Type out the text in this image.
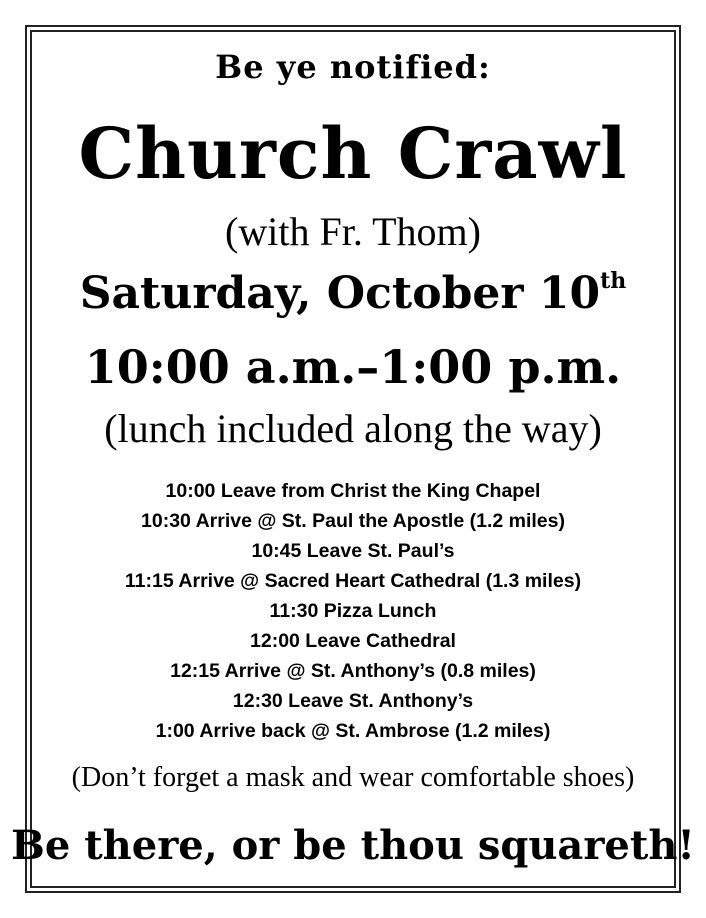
Be ye notified:
Church Crawl
(with Fr. Thom)
Saturday, October 10th
10:00 a.m.–1:00 p.m.
(lunch included along the way)
10:00 Leave from Christ the King Chapel
10:30 Arrive @ St. Paul the Apostle (1.2 miles)
10:45 Leave St. Paul’s
11:15 Arrive @ Sacred Heart Cathedral (1.3 miles)
11:30 Pizza Lunch
12:00 Leave Cathedral
12:15 Arrive @ St. Anthony’s (0.8 miles)
12:30 Leave St. Anthony’s
1:00 Arrive back @ St. Ambrose (1.2 miles)
(Don’t forget a mask and wear comfortable shoes)
Be there, or be thou squareth!
